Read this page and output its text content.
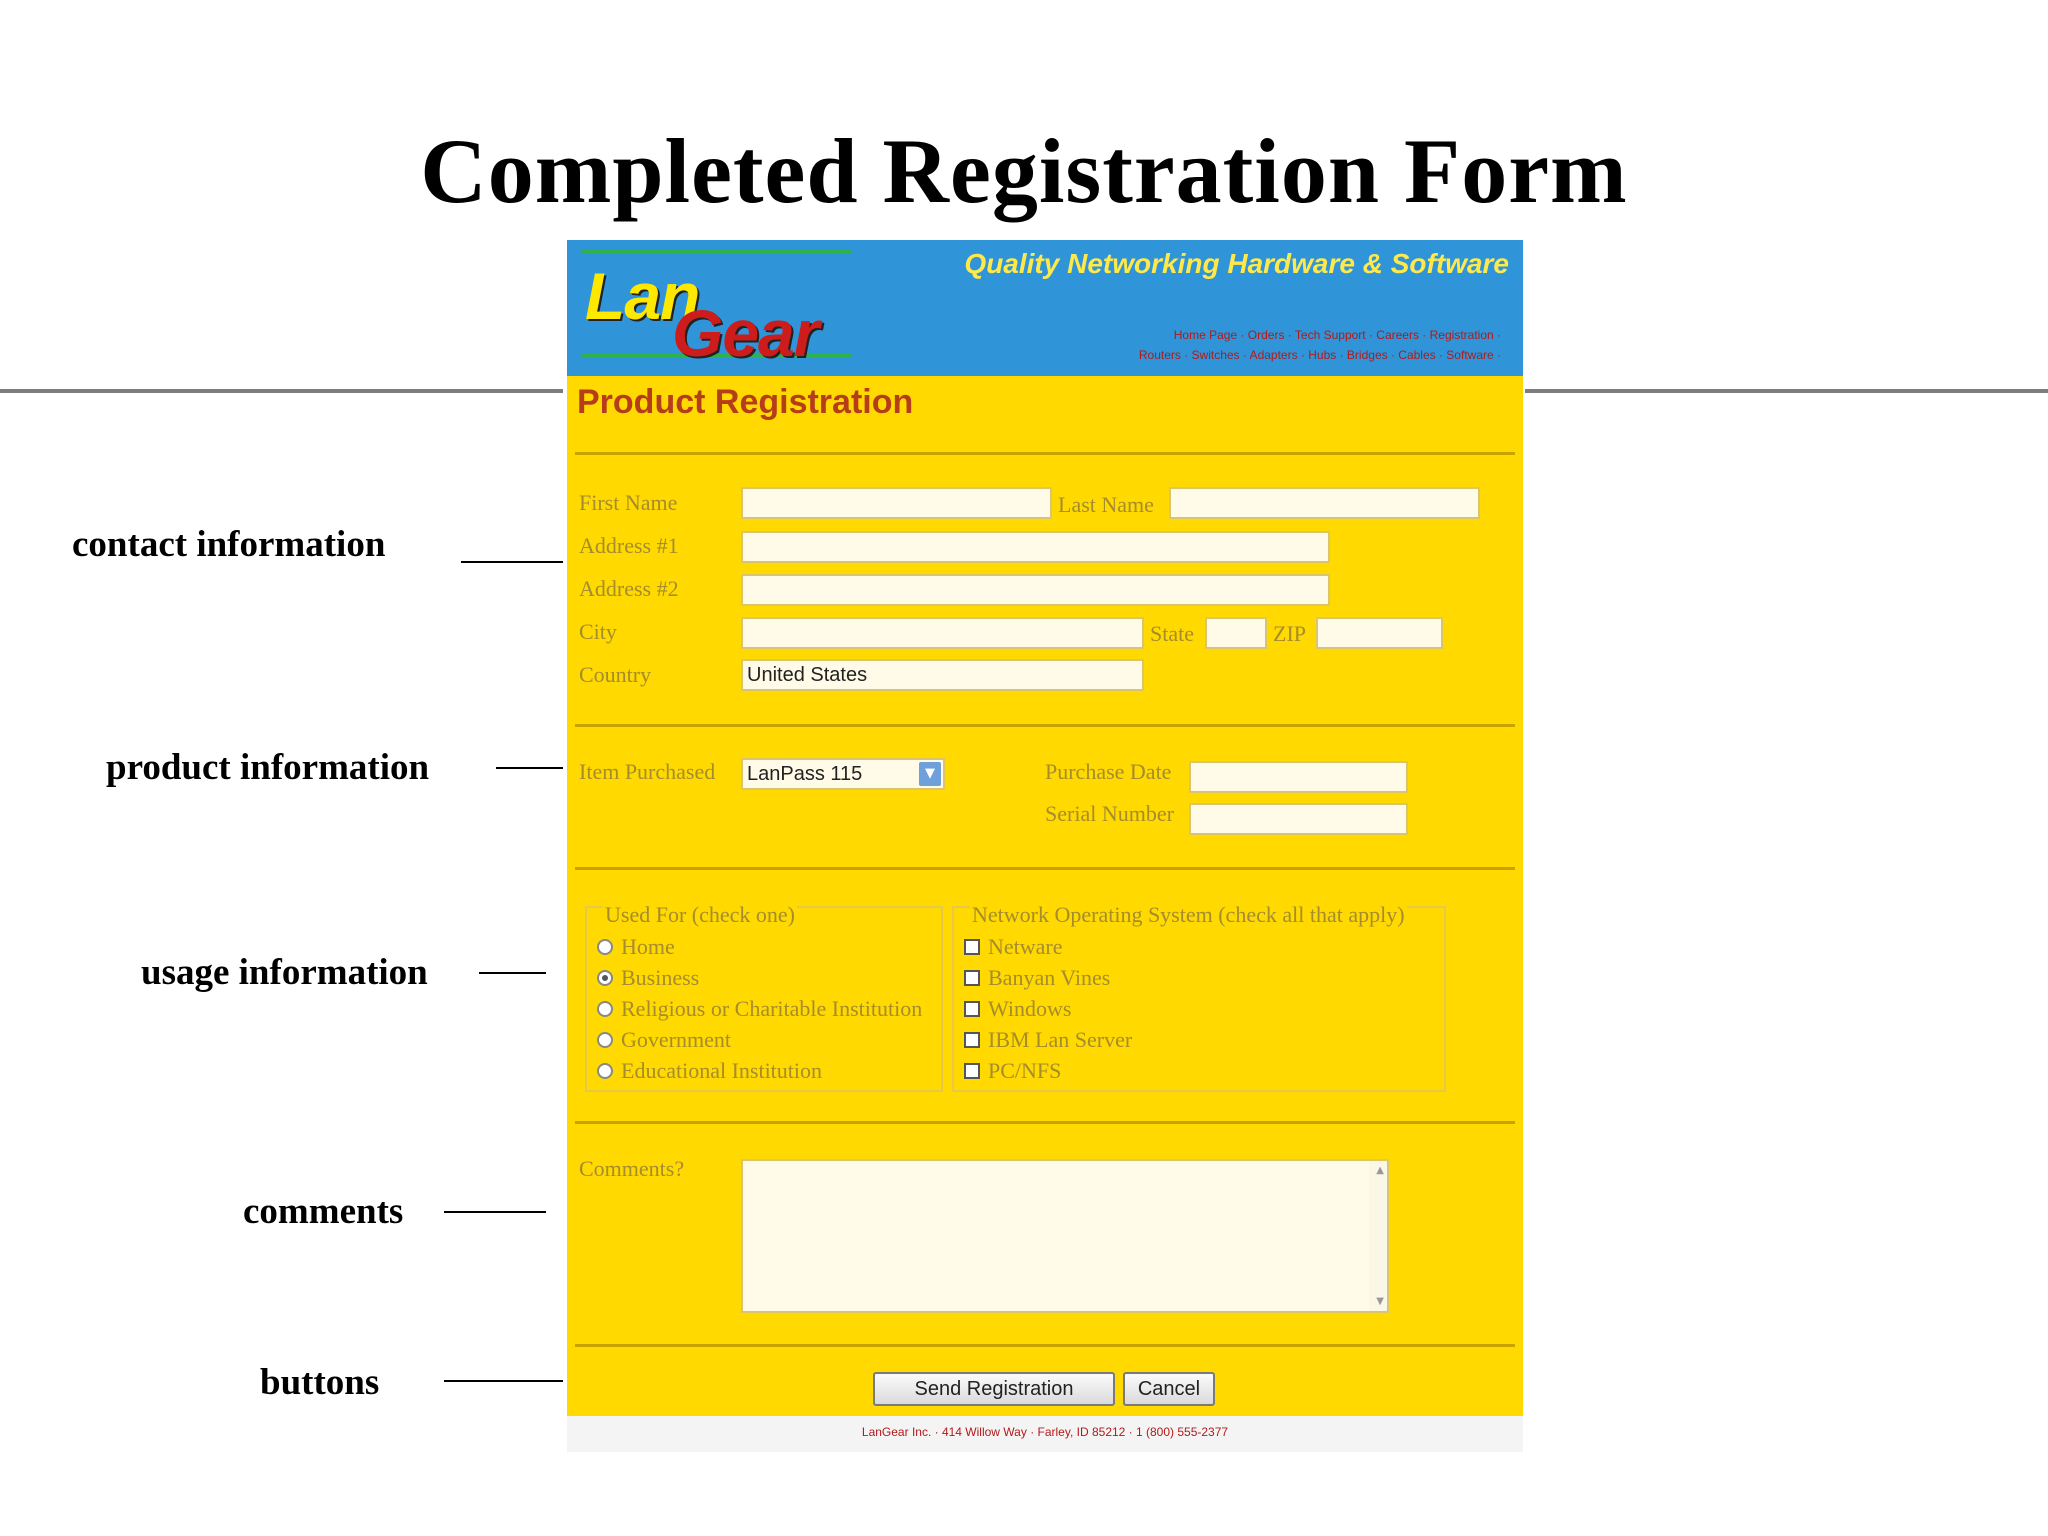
Completed Registration Form
contact information
product information
usage information
comments
buttons
Lan
Gear
Quality Networking Hardware & Software
Home Page · Orders · Tech Support · Careers · Registration ·
Routers · Switches · Adapters · Hubs · Bridges · Cables · Software ·
Product Registration
First Name	Last Name
Address #1
Address #2
City	State	ZIP
Country	United States
Item Purchased	LanPass 115	▼	Purchase Date
Serial Number
Used For (check one)	Network Operating System (check all that apply)
Home
Business
Religious or Charitable Institution
Government
Educational Institution
Netware
Banyan Vines
Windows
IBM Lan Server
PC/NFS
Comments?	▲
▼
Send Registration	Cancel
LanGear Inc. · 414 Willow Way · Farley, ID 85212 · 1 (800) 555-2377
